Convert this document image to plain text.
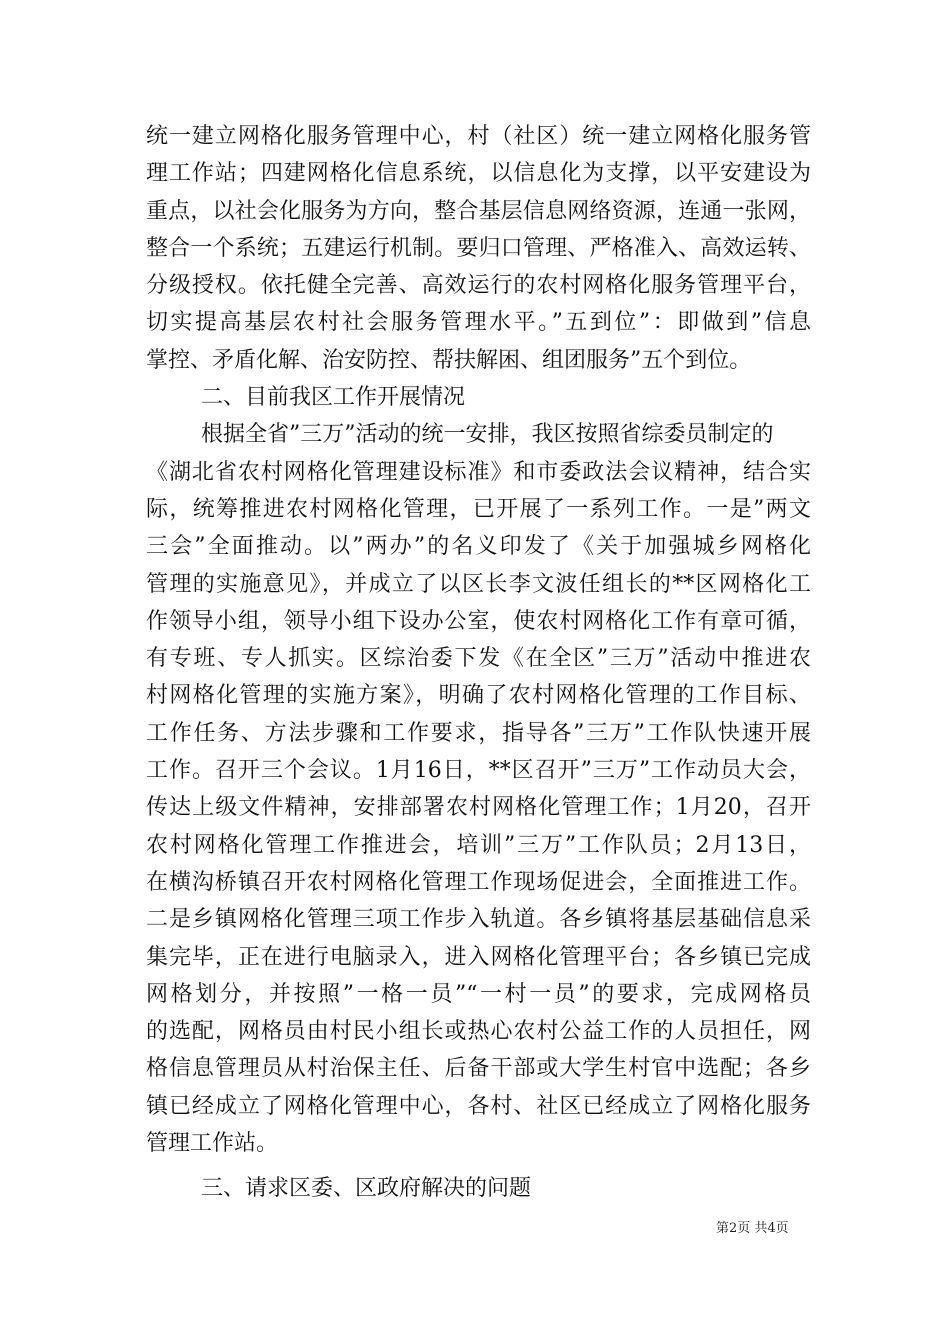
统一建立网格化服务管理中心，村（社区）统一建立网格化服务管
理工作站；四建网格化信息系统，以信息化为支撑，以平安建设为
重点，以社会化服务为方向，整合基层信息网络资源，连通一张网，
整合一个系统；五建运行机制。要归口管理、严格准入、高效运转、
分级授权。依托健全完善、高效运行的农村网格化服务管理平台，
切实提高基层农村社会服务管理水平。”五到位”：即做到”信息
掌控、矛盾化解、治安防控、帮扶解困、组团服务”五个到位。
二、目前我区工作开展情况
根据全省”三万”活动的统一安排，我区按照省综委员制定的
《湖北省农村网格化管理建设标准》和市委政法会议精神，结合实
际，统筹推进农村网格化管理，已开展了一系列工作。一是”两文
三会”全面推动。以”两办”的名义印发了《关于加强城乡网格化
管理的实施意见》，并成立了以区长李文波任组长的**区网格化工
作领导小组，领导小组下设办公室，使农村网格化工作有章可循，
有专班、专人抓实。区综治委下发《在全区”三万”活动中推进农
村网格化管理的实施方案》，明确了农村网格化管理的工作目标、
工作任务、方法步骤和工作要求，指导各”三万”工作队快速开展
工作。召开三个会议。1月16日，**区召开”三万”工作动员大会，
传达上级文件精神，安排部署农村网格化管理工作；1月20，召开
农村网格化管理工作推进会，培训”三万”工作队员；2月13日，
在横沟桥镇召开农村网格化管理工作现场促进会，全面推进工作。
二是乡镇网格化管理三项工作步入轨道。各乡镇将基层基础信息采
集完毕，正在进行电脑录入，进入网格化管理平台；各乡镇已完成
网格划分，并按照”一格一员”“一村一员”的要求，完成网格员
的选配，网格员由村民小组长或热心农村公益工作的人员担任，网
格信息管理员从村治保主任、后备干部或大学生村官中选配；各乡
镇已经成立了网格化管理中心，各村、社区已经成立了网格化服务
管理工作站。
三、请求区委、区政府解决的问题
第2页 共4页
